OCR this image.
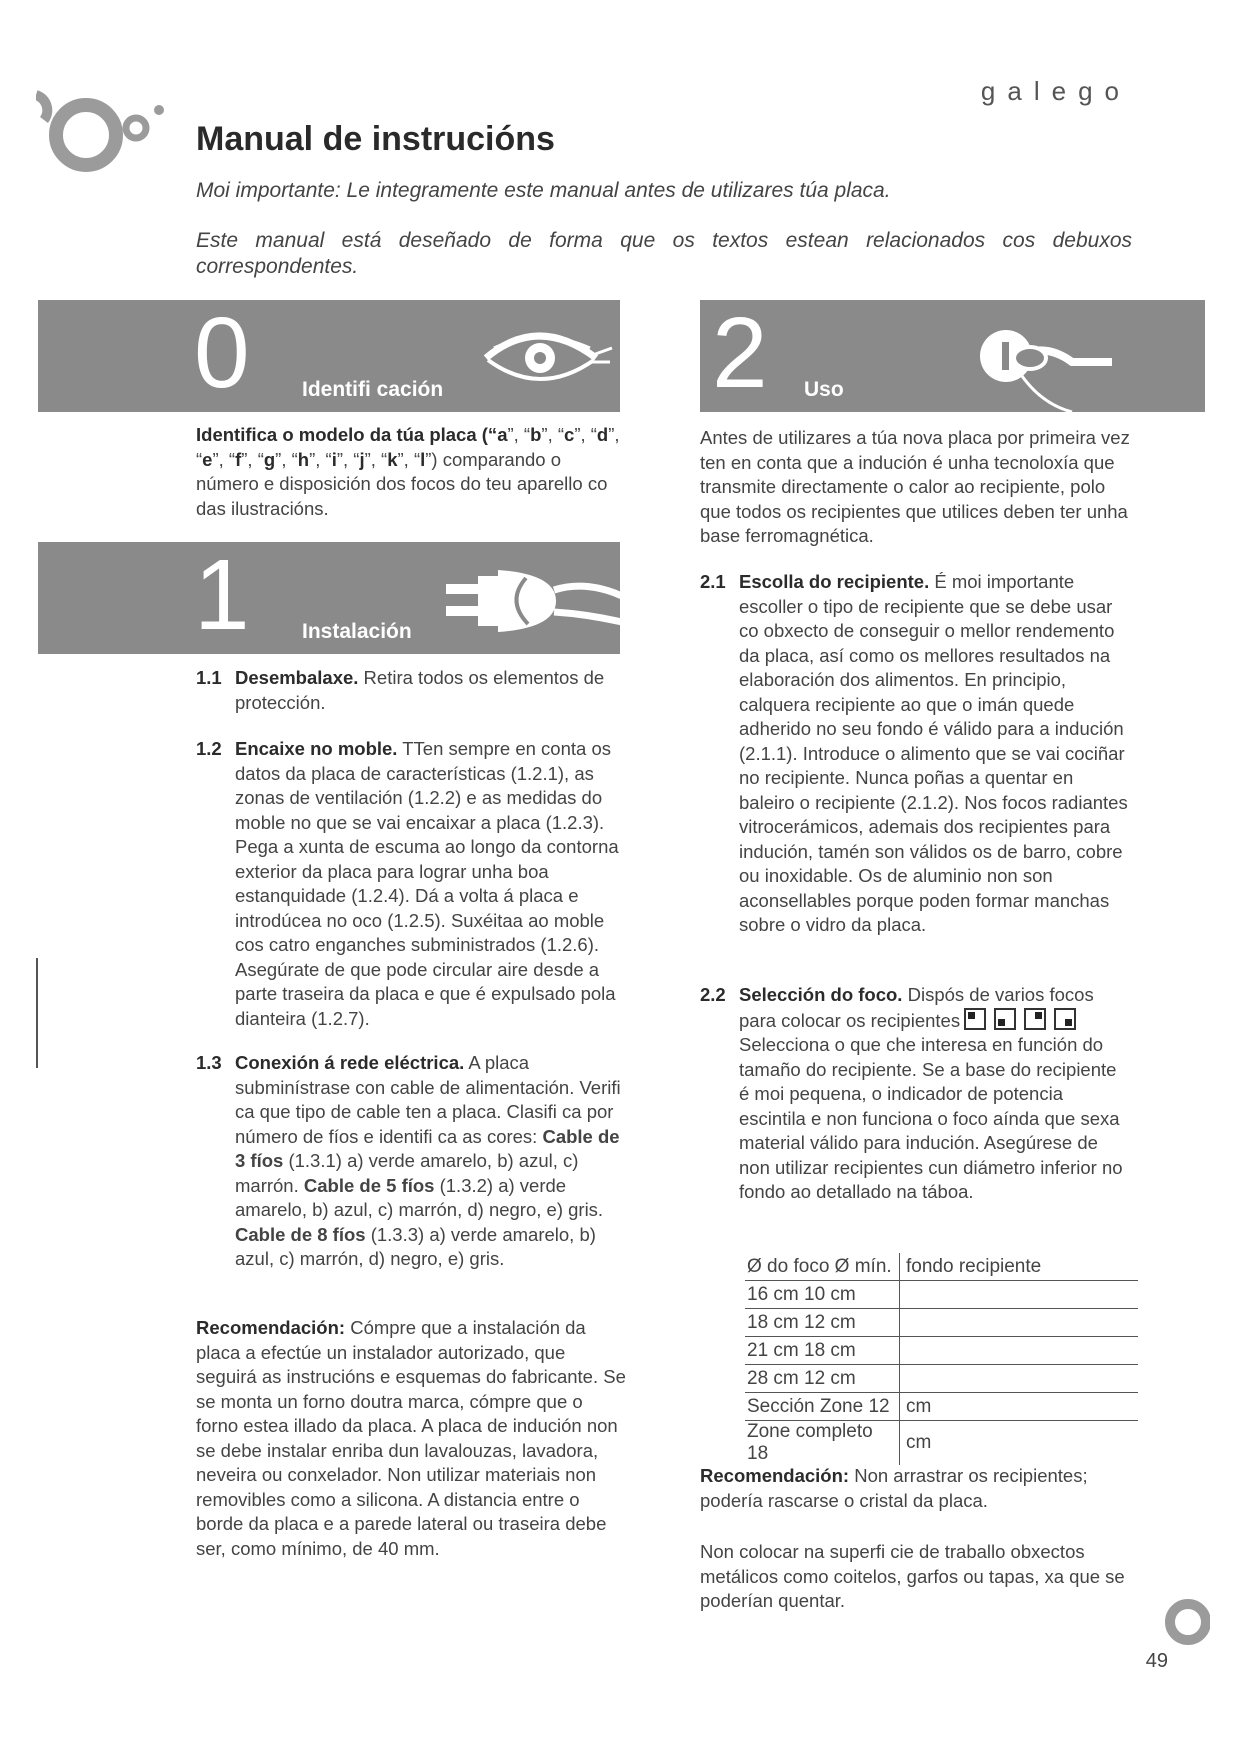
galego
Manual de instrucións

Moi importante: Le integramente este manual antes de utilizares túa placa.

Este manual está deseñado de forma que os textos estean relacionados cos debuxos correspondentes.

0 Identifi cación

Identifica o modelo da túa placa (“a”, “b”, “c”, “d”, “e”, “f”, “g”, “h”, “i”, “j”, “k”, “l”) comparando o número e disposición dos focos do teu aparello co das ilustracións.

1 Instalación
1.1 Desembalaxe. Retira todos os elementos de protección.
1.2 Encaixe no moble. TTen sempre en conta os datos da placa de características (1.2.1), as zonas de ventilación (1.2.2) e as medidas do moble no que se vai encaixar a placa (1.2.3). Pega a xunta de escuma ao longo da contorna exterior da placa para lograr unha boa estanquidade (1.2.4). Dá a volta á placa e introdúcea no oco (1.2.5). Suxéitaa ao moble cos catro enganches subministrados (1.2.6). Asegúrate de que pode circular aire desde a parte traseira da placa e que é expulsado pola dianteira (1.2.7).
1.3 Conexión á rede eléctrica. A placa subminístrase con cable de alimentación. Verifi ca que tipo de cable ten a placa. Clasifi ca por número de fíos e identifi ca as cores: Cable de 3 fíos (1.3.1) a) verde amarelo, b) azul, c) marrón. Cable de 5 fíos (1.3.2) a) verde amarelo, b) azul, c) marrón, d) negro, e) gris. Cable de 8 fíos (1.3.3) a) verde amarelo, b) azul, c) marrón, d) negro, e) gris.

Recomendación: Cómpre que a instalación da placa a efectúe un instalador autorizado, que seguirá as instrucións e esquemas do fabricante. Se se monta un forno doutra marca, cómpre que o forno estea illado da placa. A placa de indución non se debe instalar enriba dun lavalouzas, lavadora, neveira ou conxelador. Non utilizar materiais non removibles como a silicona. A distancia entre o borde da placa e a parede lateral ou traseira debe ser, como mínimo, de 40 mm.

2 Uso

Antes de utilizares a túa nova placa por primeira vez ten en conta que a indución é unha tecnoloxía que transmite directamente o calor ao recipiente, polo que todos os recipientes que utilices deben ter unha base ferromagnética.

2.1 Escolla do recipiente. É moi importante escoller o tipo de recipiente que se debe usar co obxecto de conseguir o mellor rendemento da placa, así como os mellores resultados na elaboración dos alimentos. En principio, calquera recipiente ao que o imán quede adherido no seu fondo é válido para a indución (2.1.1). Introduce o alimento que se vai cociñar no recipiente. Nunca poñas a quentar en baleiro o recipiente (2.1.2). Nos focos radiantes vitrocerámicos, ademais dos recipientes para indución, tamén son válidos os de barro, cobre ou inoxidable. Os de aluminio non son aconsellables porque poden formar manchas sobre o vidro da placa.
2.2 Selección do foco. Dispós de varios focos para colocar os recipientes
Selecciona o que che interesa en función do tamaño do recipiente. Se a base do recipiente é moi pequena, o indicador de potencia escintila e non funciona o foco aínda que sexa material válido para indución. Asegúrese de non utilizar recipientes cun diámetro inferior no fondo ao detallado na táboa.
Ø do foco Ø mín.	fondo recipiente
16 cm 10 cm	
18 cm 12 cm	
21 cm 18 cm	
28 cm 12 cm	
Sección Zone 12	cm
Zone completo 18	cm

Recomendación: Non arrastrar os recipientes; podería rascarse o cristal da placa.

Non colocar na superfi cie de traballo obxectos metálicos como coitelos, garfos ou tapas, xa que se poderían quentar.

49
